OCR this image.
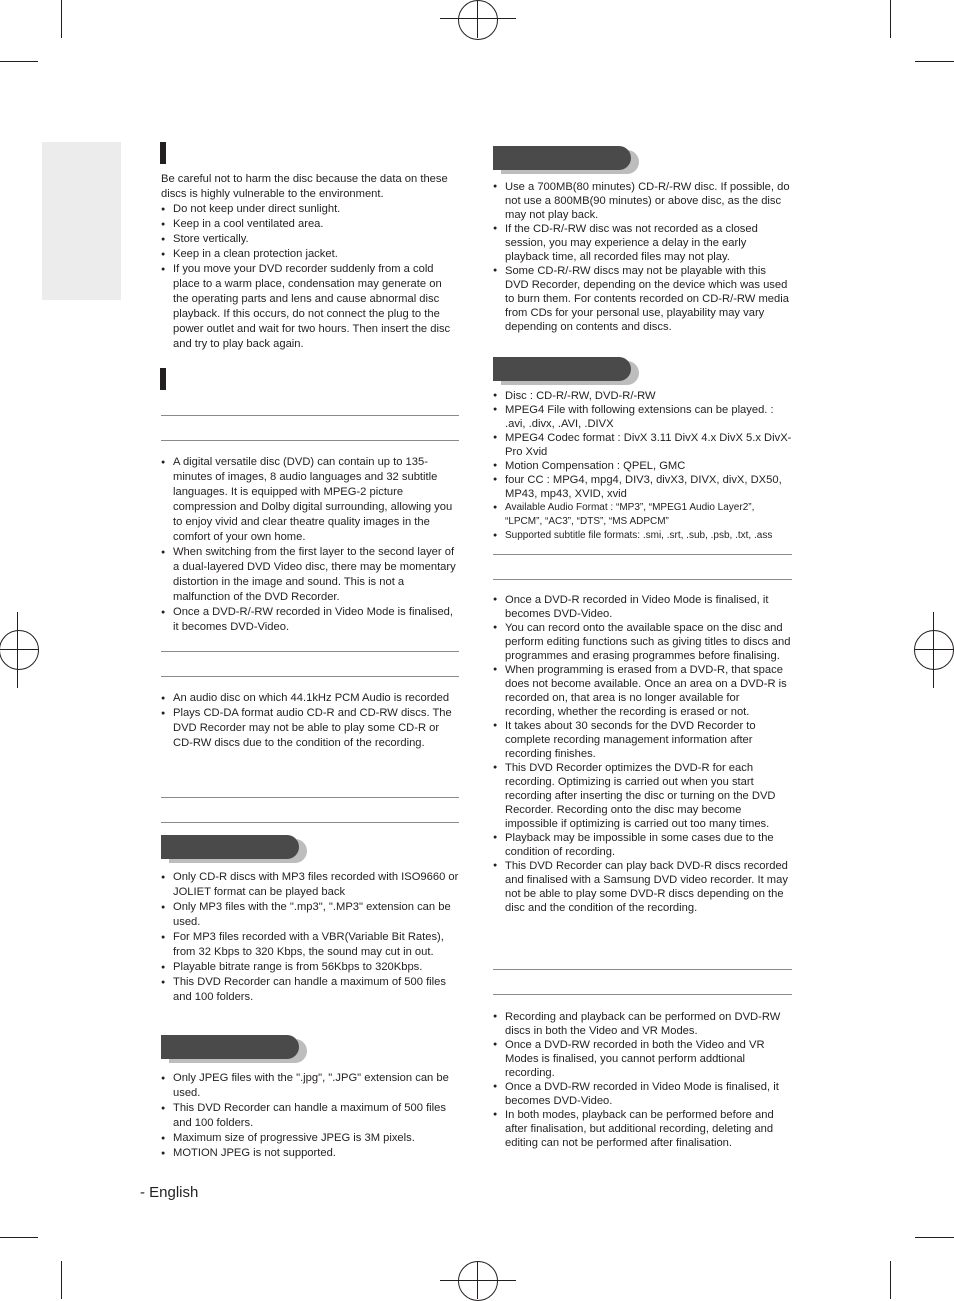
Be careful not to harm the disc because the data on these discs is highly vulnerable to the environment.

● Do not keep under direct sunlight.
● Keep in a cool ventilated area.
● Store vertically.
● Keep in a clean protection jacket.
● If you move your DVD recorder suddenly from a cold place to a warm place, condensation may generate on the operating parts and lens and cause abnormal disc playback. If this occurs, do not connect the plug to the power outlet and wait for two hours. Then insert the disc and try to play back again.
● A digital versatile disc (DVD) can contain up to 135-minutes of images, 8 audio languages and 32 subtitle languages. It is equipped with MPEG-2 picture compression and Dolby digital surrounding, allowing you to enjoy vivid and clear theatre quality images in the comfort of your own home.
● When switching from the first layer to the second layer of a dual-layered DVD Video disc, there may be momentary distortion in the image and sound. This is not a malfunction of the DVD Recorder.
● Once a DVD-R/-RW recorded in Video Mode is finalised, it becomes DVD-Video.
● An audio disc on which 44.1kHz PCM Audio is recorded
● Plays CD-DA format audio CD-R and CD-RW discs. The DVD Recorder may not be able to play some CD-R or CD-RW discs due to the condition of the recording.
● Only CD-R discs with MP3 files recorded with ISO9660 or JOLIET format can be played back
● Only MP3 files with the ".mp3", ".MP3" extension can be used.
● For MP3 files recorded with a VBR(Variable Bit Rates), from 32 Kbps to 320 Kbps, the sound may cut in out.
● Playable bitrate range is from 56Kbps to 320Kbps.
● This DVD Recorder can handle a maximum of 500 files and 100 folders.
● Only JPEG files with the ".jpg", ".JPG" extension can be used.
● This DVD Recorder can handle a maximum of 500 files and 100 folders.
● Maximum size of progressive JPEG is 3M pixels.
● MOTION JPEG is not supported.
● Use a 700MB(80 minutes) CD-R/-RW disc. If possible, do not use a 800MB(90 minutes) or above disc, as the disc may not play back.
● If the CD-R/-RW disc was not recorded as a closed session, you may experience a delay in the early playback time, all recorded files may not play.
● Some CD-R/-RW discs may not be playable with this DVD Recorder, depending on the device which was used to burn them. For contents recorded on CD-R/-RW media from CDs for your personal use, playability may vary depending on contents and discs.
● Disc : CD-R/-RW, DVD-R/-RW
● MPEG4 File with following extensions can be played. : .avi, .divx, .AVI, .DIVX
● MPEG4 Codec format : DivX 3.11 DivX 4.x DivX 5.x DivX-Pro Xvid
● Motion Compensation : QPEL, GMC
● four CC : MPG4, mpg4, DIV3, divX3, DIVX, divX, DX50, MP43, mp43, XVID, xvid
● Available Audio Format : “MP3”, “MPEG1 Audio Layer2”, “LPCM”, “AC3”, “DTS”, “MS ADPCM”
● Supported subtitle file formats: .smi, .srt, .sub, .psb, .txt, .ass
● Once a DVD-R recorded in Video Mode is finalised, it becomes DVD-Video.
● You can record onto the available space on the disc and perform editing functions such as giving titles to discs and programmes and erasing programmes before finalising.
● When programming is erased from a DVD-R, that space does not become available. Once an area on a DVD-R is recorded on, that area is no longer available for recording, whether the recording is erased or not.
● It takes about 30 seconds for the DVD Recorder to complete recording management information after recording finishes.
● This DVD Recorder optimizes the DVD-R for each recording. Optimizing is carried out when you start recording after inserting the disc or turning on the DVD Recorder. Recording onto the disc may become impossible if optimizing is carried out too many times.
● Playback may be impossible in some cases due to the condition of recording.
● This DVD Recorder can play back DVD-R discs recorded and finalised with a Samsung DVD video recorder. It may not be able to play some DVD-R discs depending on the disc and the condition of the recording.
● Recording and playback can be performed on DVD-RW discs in both the Video and VR Modes.
● Once a DVD-RW recorded in both the Video and VR Modes is finalised, you cannot perform addtional recording.
● Once a DVD-RW recorded in Video Mode is finalised, it becomes DVD-Video.
● In both modes, playback can be performed before and after finalisation, but additional recording, deleting and editing can not be performed after finalisation.
- English
